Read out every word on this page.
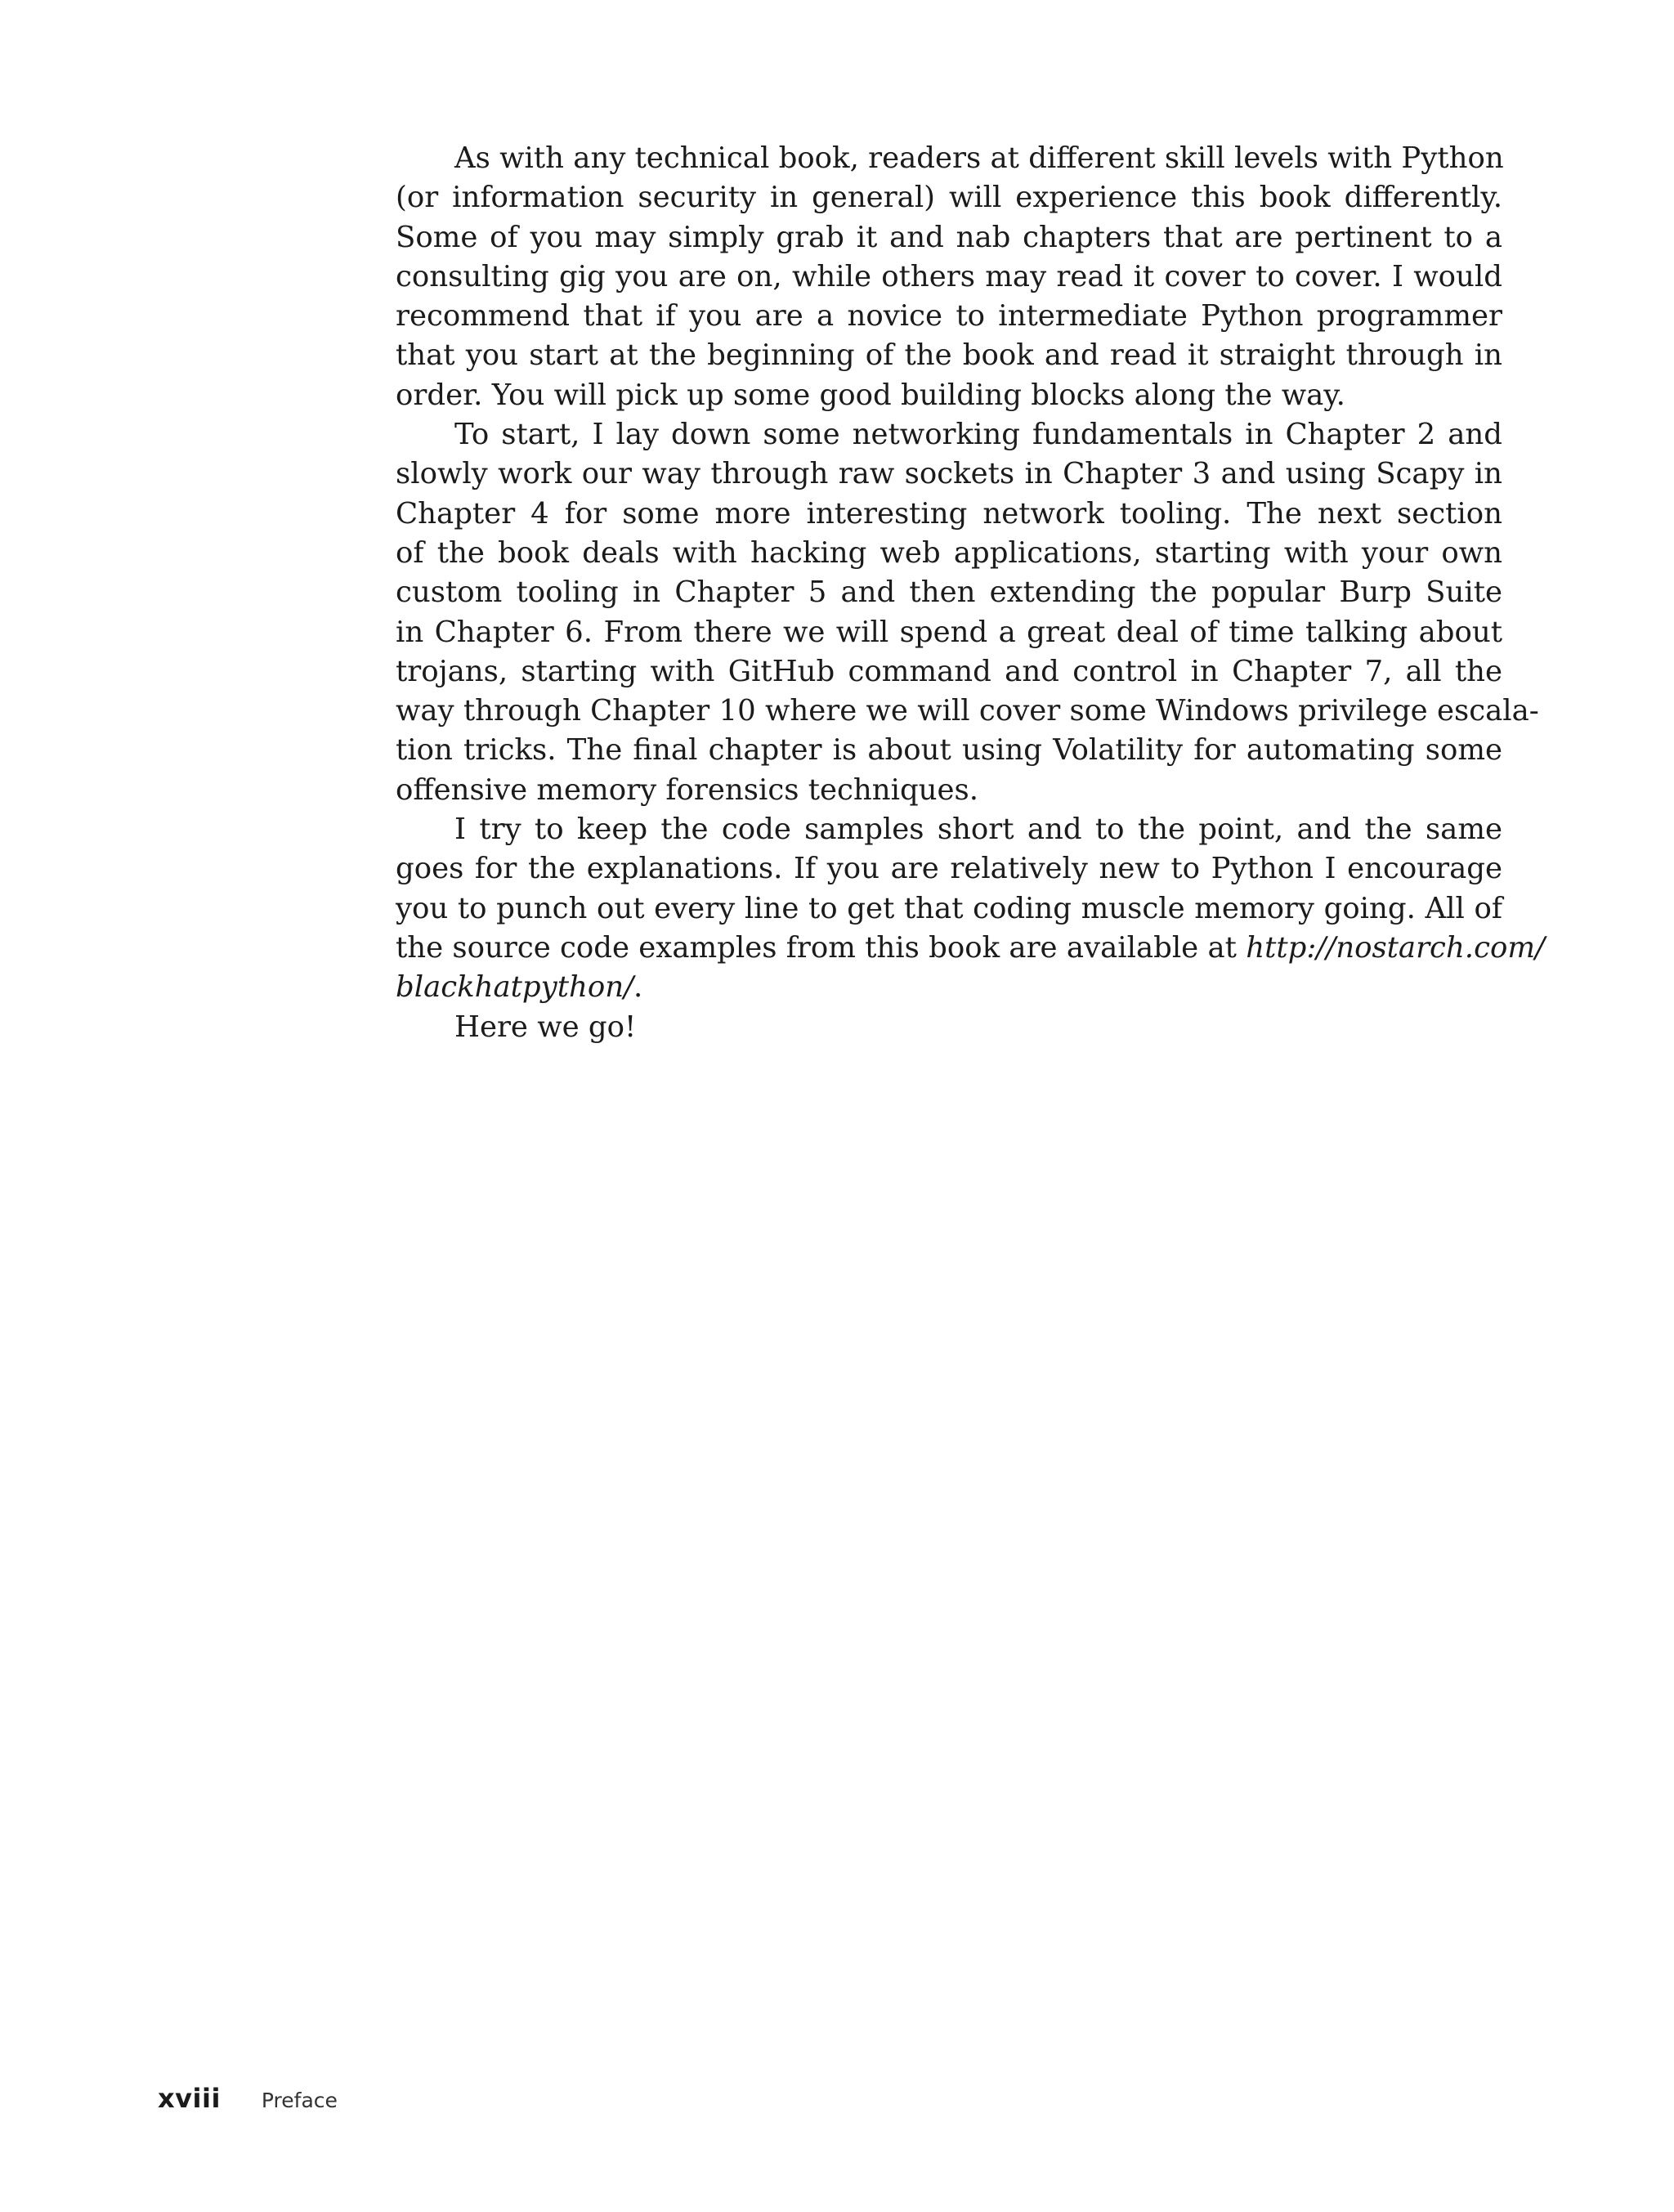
As with any technical book, readers at different skill levels with Python
(or information security in general) will experience this book differently.
Some of you may simply grab it and nab chapters that are pertinent to a
consulting gig you are on, while others may read it cover to cover. I would
recommend that if you are a novice to intermediate Python programmer
that you start at the beginning of the book and read it straight through in
order. You will pick up some good building blocks along the way.

To start, I lay down some networking fundamentals in Chapter 2 and
slowly work our way through raw sockets in Chapter 3 and using Scapy in
Chapter 4 for some more interesting network tooling. The next section
of the book deals with hacking web applications, starting with your own
custom tooling in Chapter 5 and then extending the popular Burp Suite
in Chapter 6. From there we will spend a great deal of time talking about
trojans, starting with GitHub command and control in Chapter 7, all the
way through Chapter 10 where we will cover some Windows privilege escala-
tion tricks. The final chapter is about using Volatility for automating some
offensive memory forensics techniques.

I try to keep the code samples short and to the point, and the same
goes for the explanations. If you are relatively new to Python I encourage
you to punch out every line to get that coding muscle memory going. All of
the source code examples from this book are available at http://nostarch.com/
blackhatpython/.

Here we go!

xviii Preface
